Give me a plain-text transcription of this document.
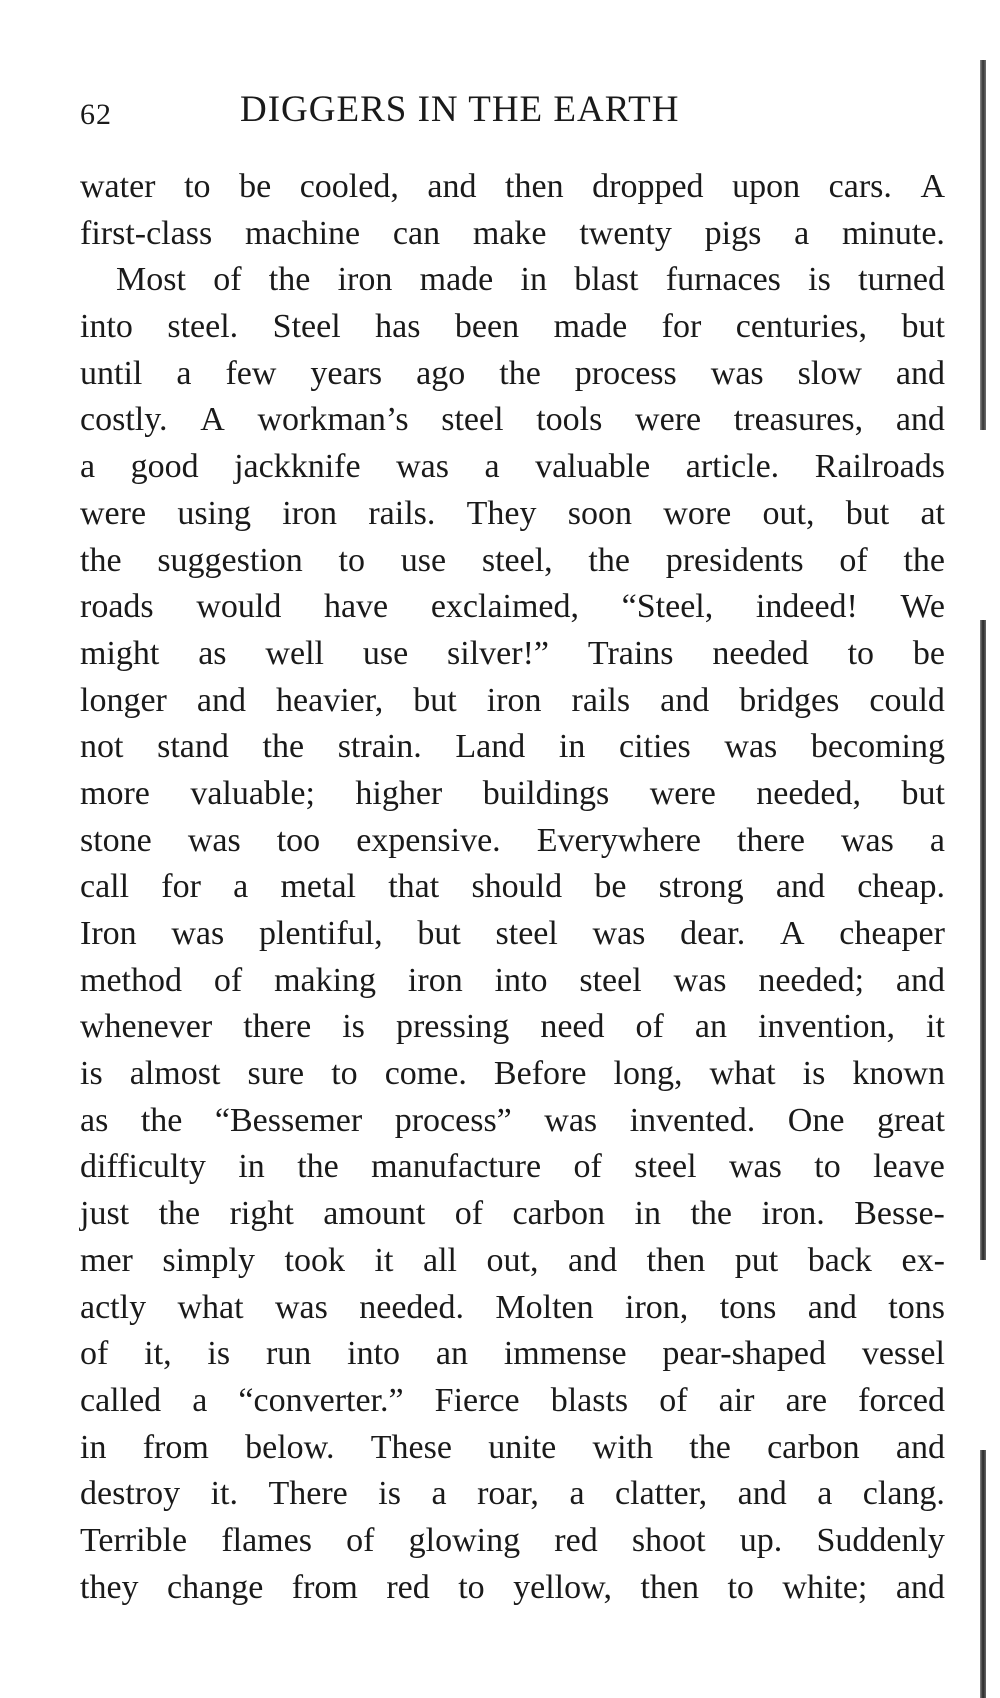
62	DIGGERS IN THE EARTH
water to be cooled, and then dropped upon cars. A
first-class machine can make twenty pigs a minute.
Most of the iron made in blast furnaces is turned
into steel. Steel has been made for centuries, but
until a few years ago the process was slow and
costly. A workman’s steel tools were treasures, and
a good jackknife was a valuable article. Railroads
were using iron rails. They soon wore out, but at
the suggestion to use steel, the presidents of the
roads would have exclaimed, “Steel, indeed! We
might as well use silver!” Trains needed to be
longer and heavier, but iron rails and bridges could
not stand the strain. Land in cities was becoming
more valuable; higher buildings were needed, but
stone was too expensive. Everywhere there was a
call for a metal that should be strong and cheap.
Iron was plentiful, but steel was dear. A cheaper
method of making iron into steel was needed; and
whenever there is pressing need of an invention, it
is almost sure to come. Before long, what is known
as the “Bessemer process” was invented. One great
difficulty in the manufacture of steel was to leave
just the right amount of carbon in the iron. Besse-
mer simply took it all out, and then put back ex-
actly what was needed. Molten iron, tons and tons
of it, is run into an immense pear-shaped vessel
called a “converter.” Fierce blasts of air are forced
in from below. These unite with the carbon and
destroy it. There is a roar, a clatter, and a clang.
Terrible flames of glowing red shoot up. Suddenly
they change from red to yellow, then to white; and
